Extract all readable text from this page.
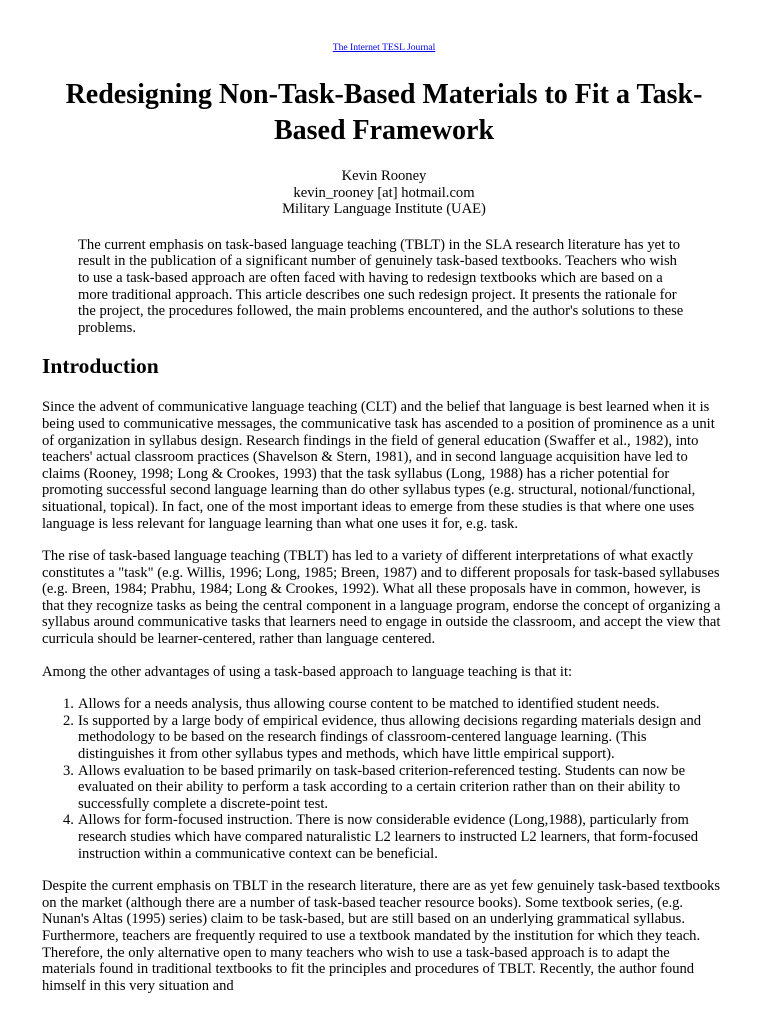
The Internet TESL Journal
Redesigning Non-Task-Based Materials to Fit a Task-Based Framework
Kevin Rooney
kevin_rooney [at] hotmail.com
Military Language Institute (UAE)

The current emphasis on task-based language teaching (TBLT) in the SLA research literature has yet to result in the publication of a significant number of genuinely task-based textbooks. Teachers who wish to use a task-based approach are often faced with having to redesign textbooks which are based on a more traditional approach. This article describes one such redesign project. It presents the rationale for the project, the procedures followed, the main problems encountered, and the author's solutions to these problems.

Introduction

Since the advent of communicative language teaching (CLT) and the belief that language is best learned when it is being used to communicative messages, the communicative task has ascended to a position of prominence as a unit of organization in syllabus design. Research findings in the field of general education (Swaffer et al., 1982), into teachers' actual classroom practices (Shavelson & Stern, 1981), and in second language acquisition have led to claims (Rooney, 1998; Long & Crookes, 1993) that the task syllabus (Long, 1988) has a richer potential for promoting successful second language learning than do other syllabus types (e.g. structural, notional/functional, situational, topical). In fact, one of the most important ideas to emerge from these studies is that where one uses language is less relevant for language learning than what one uses it for, e.g. task.

The rise of task-based language teaching (TBLT) has led to a variety of different interpretations of what exactly constitutes a "task" (e.g. Willis, 1996; Long, 1985; Breen, 1987) and to different proposals for task-based syllabuses (e.g. Breen, 1984; Prabhu, 1984; Long & Crookes, 1992). What all these proposals have in common, however, is that they recognize tasks as being the central component in a language program, endorse the concept of organizing a syllabus around communicative tasks that learners need to engage in outside the classroom, and accept the view that curricula should be learner-centered, rather than language centered.

Among the other advantages of using a task-based approach to language teaching is that it:

1. Allows for a needs analysis, thus allowing course content to be matched to identified student needs.
2. Is supported by a large body of empirical evidence, thus allowing decisions regarding materials design and methodology to be based on the research findings of classroom-centered language learning. (This distinguishes it from other syllabus types and methods, which have little empirical support).
3. Allows evaluation to be based primarily on task-based criterion-referenced testing. Students can now be evaluated on their ability to perform a task according to a certain criterion rather than on their ability to successfully complete a discrete-point test.
4. Allows for form-focused instruction. There is now considerable evidence (Long,1988), particularly from research studies which have compared naturalistic L2 learners to instructed L2 learners, that form-focused instruction within a communicative context can be beneficial.

Despite the current emphasis on TBLT in the research literature, there are as yet few genuinely task-based textbooks on the market (although there are a number of task-based teacher resource books). Some textbook series, (e.g. Nunan's Altas (1995) series) claim to be task-based, but are still based on an underlying grammatical syllabus. Furthermore, teachers are frequently required to use a textbook mandated by the institution for which they teach. Therefore, the only alternative open to many teachers who wish to use a task-based approach is to adapt the materials found in traditional textbooks to fit the principles and procedures of TBLT. Recently, the author found himself in this very situation and
